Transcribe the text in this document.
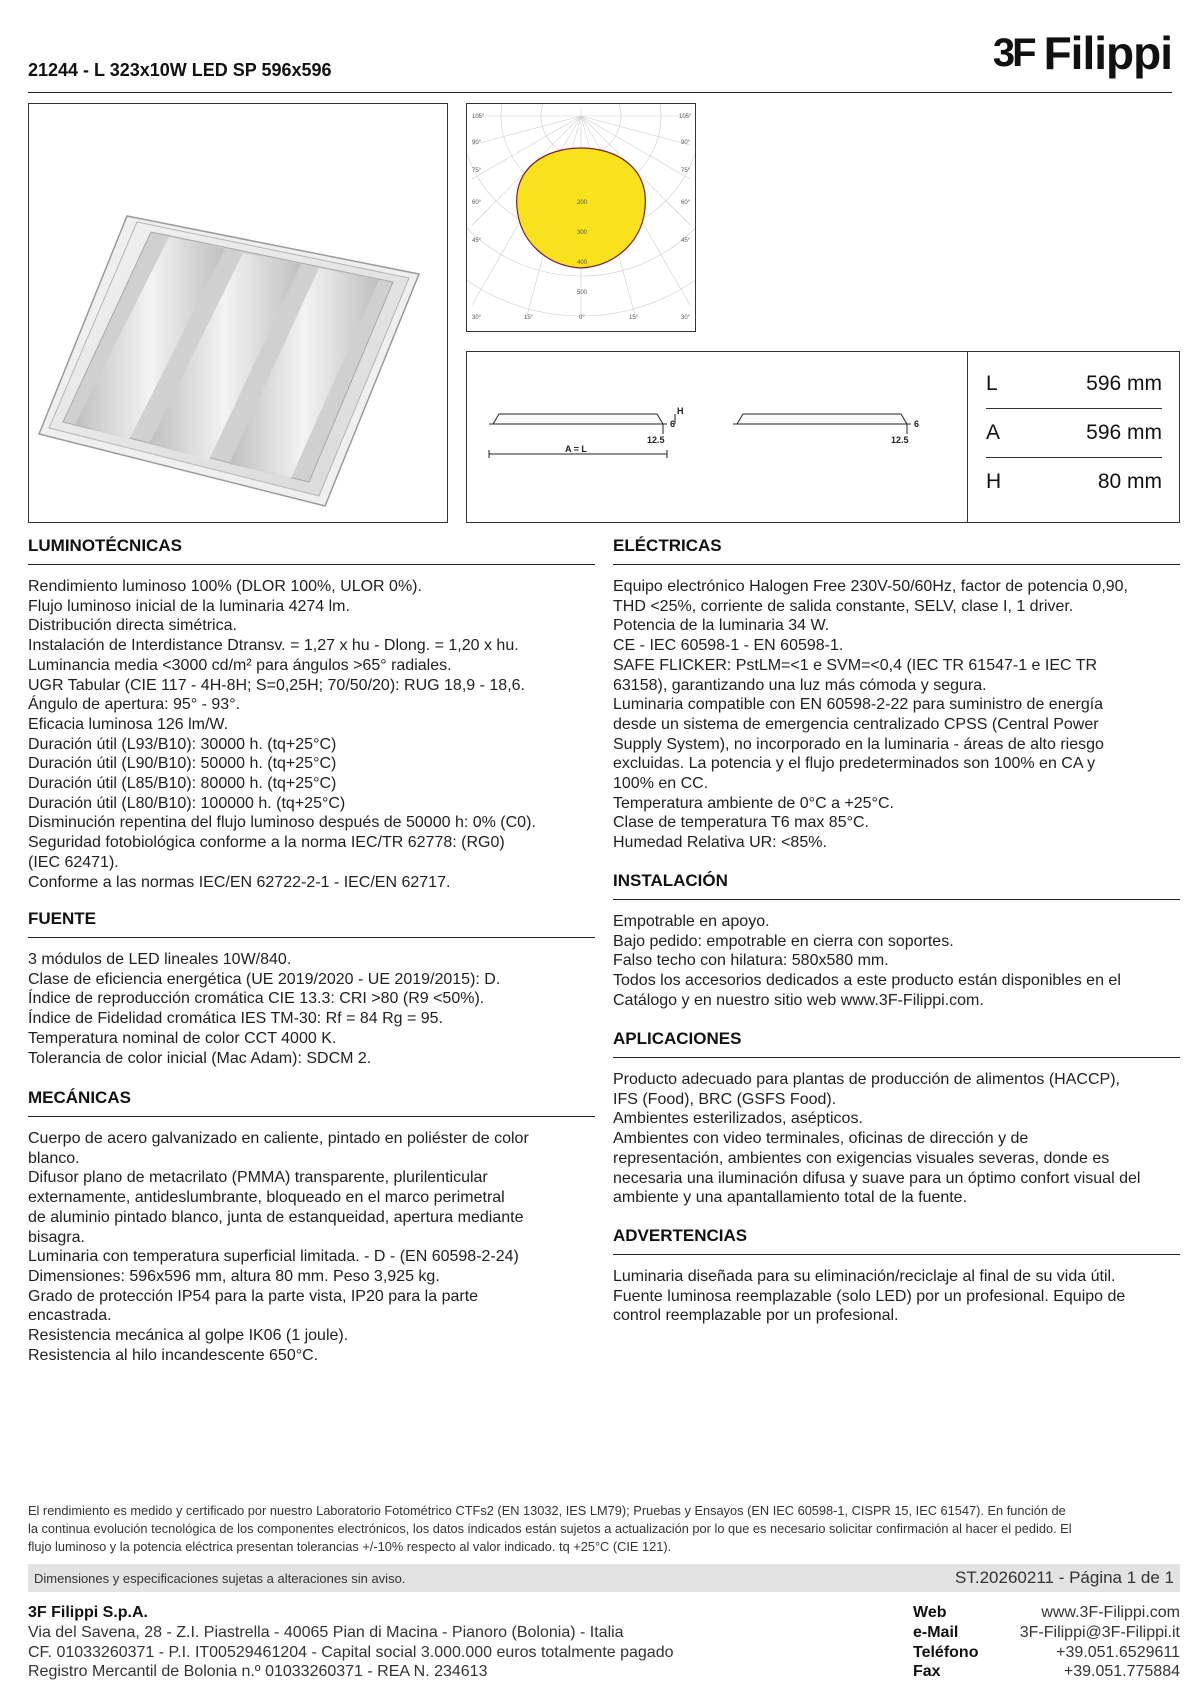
21244 - L 323x10W LED SP 596x596	3F Filippi
105°
90°
75°
60°
45°
30°
105°
90°
75°
60°
45°
30°
15°	0°	15°
200
300
400
500
A = L
H
6	6
12.5	12.5
L	596 mm
A	596 mm
H	80 mm
LUMINOTÉCNICAS
Rendimiento luminoso 100% (DLOR 100%, ULOR 0%).
Flujo luminoso inicial de la luminaria 4274 lm.
Distribución directa simétrica.
Instalación de Interdistance Dtransv. = 1,27 x hu - Dlong. = 1,20 x hu.
Luminancia media <3000 cd/m² para ángulos >65° radiales.
UGR Tabular (CIE 117 - 4H-8H; S=0,25H; 70/50/20): RUG 18,9 - 18,6.
Ángulo de apertura: 95° - 93°.
Eficacia luminosa 126 lm/W.
Duración útil (L93/B10): 30000 h. (tq+25°C)
Duración útil (L90/B10): 50000 h. (tq+25°C)
Duración útil (L85/B10): 80000 h. (tq+25°C)
Duración útil (L80/B10): 100000 h. (tq+25°C)
Disminución repentina del flujo luminoso después de 50000 h: 0% (C0).
Seguridad fotobiológica conforme a la norma IEC/TR 62778: (RG0)
(IEC 62471).
Conforme a las normas IEC/EN 62722-2-1 - IEC/EN 62717.
FUENTE
3 módulos de LED lineales 10W/840.
Clase de eficiencia energética (UE 2019/2020 - UE 2019/2015): D.
Índice de reproducción cromática CIE 13.3: CRI >80 (R9 <50%).
Índice de Fidelidad cromática IES TM-30: Rf = 84 Rg = 95.
Temperatura nominal de color CCT 4000 K.
Tolerancia de color inicial (Mac Adam): SDCM 2.
MECÁNICAS
Cuerpo de acero galvanizado en caliente, pintado en poliéster de color
blanco.
Difusor plano de metacrilato (PMMA) transparente, plurilenticular
externamente, antideslumbrante, bloqueado en el marco perimetral
de aluminio pintado blanco, junta de estanqueidad, apertura mediante
bisagra.
Luminaria con temperatura superficial limitada. - D - (EN 60598-2-24)
Dimensiones: 596x596 mm, altura 80 mm. Peso 3,925 kg.
Grado de protección IP54 para la parte vista, IP20 para la parte
encastrada.
Resistencia mecánica al golpe IK06 (1 joule).
Resistencia al hilo incandescente 650°C.
ELÉCTRICAS
Equipo electrónico Halogen Free 230V-50/60Hz, factor de potencia 0,90,
THD <25%, corriente de salida constante, SELV, clase I, 1 driver.
Potencia de la luminaria 34 W.
CE - IEC 60598-1 - EN 60598-1.
SAFE FLICKER: PstLM=<1 e SVM=<0,4 (IEC TR 61547-1 e IEC TR
63158), garantizando una luz más cómoda y segura.
Luminaria compatible con EN 60598-2-22 para suministro de energía
desde un sistema de emergencia centralizado CPSS (Central Power
Supply System), no incorporado en la luminaria - áreas de alto riesgo
excluidas. La potencia y el flujo predeterminados son 100% en CA y
100% en CC.
Temperatura ambiente de 0°C a +25°C.
Clase de temperatura T6 max 85°C.
Humedad Relativa UR: <85%.
INSTALACIÓN
Empotrable en apoyo.
Bajo pedido: empotrable en cierra con soportes.
Falso techo con hilatura: 580x580 mm.
Todos los accesorios dedicados a este producto están disponibles en el
Catálogo y en nuestro sitio web www.3F-Filippi.com.
APLICACIONES
Producto adecuado para plantas de producción de alimentos (HACCP),
IFS (Food), BRC (GSFS Food).
Ambientes esterilizados, asépticos.
Ambientes con video terminales, oficinas de dirección y de
representación, ambientes con exigencias visuales severas, donde es
necesaria una iluminación difusa y suave para un óptimo confort visual del
ambiente y una apantallamiento total de la fuente.
ADVERTENCIAS
Luminaria diseñada para su eliminación/reciclaje al final de su vida útil.
Fuente luminosa reemplazable (solo LED) por un profesional. Equipo de
control reemplazable por un profesional.
El rendimiento es medido y certificado por nuestro Laboratorio Fotométrico CTFs2 (EN 13032, IES LM79); Pruebas y Ensayos (EN IEC 60598-1, CISPR 15, IEC 61547). En función de
la continua evolución tecnológica de los componentes electrónicos, los datos indicados están sujetos a actualización por lo que es necesario solicitar confirmación al hacer el pedido. El
flujo luminoso y la potencia eléctrica presentan tolerancias +/-10% respecto al valor indicado. tq +25°C (CIE 121).
Dimensiones y especificaciones sujetas a alteraciones sin aviso.	ST.20260211 - Página 1 de 1
3F Filippi S.p.A.
Via del Savena, 28 - Z.I. Piastrella - 40065 Pian di Macina - Pianoro (Bolonia) - Italia
CF. 01033260371 - P.I. IT00529461204 - Capital social 3.000.000 euros totalmente pagado
Registro Mercantil de Bolonia n.º 01033260371 - REA N. 234613
Web	www.3F-Filippi.com
e-Mail	3F-Filippi@3F-Filippi.it
Teléfono	+39.051.6529611
Fax	+39.051.775884
